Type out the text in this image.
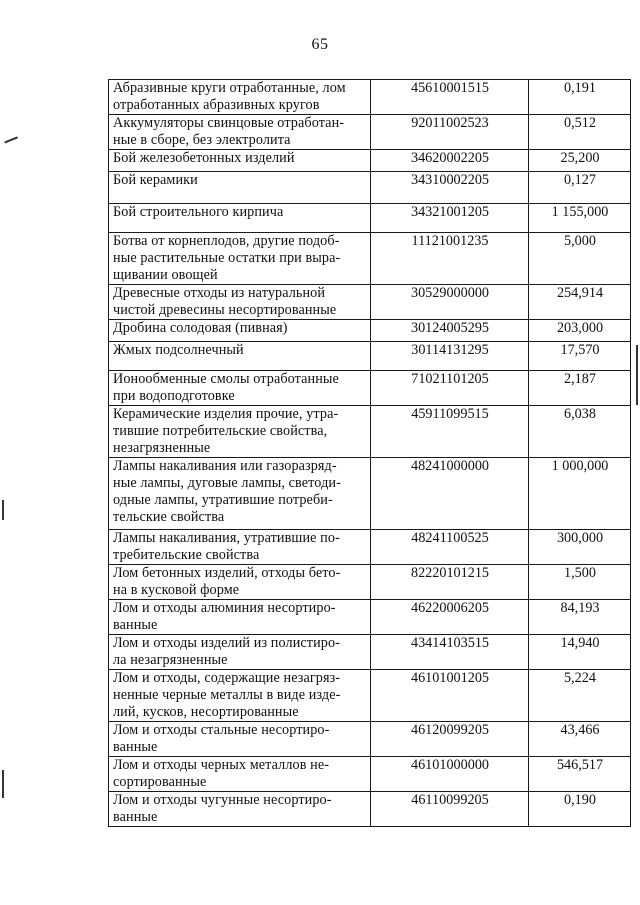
65
Абразивные круги отработанные, лом
отработанных абразивных кругов	45610001515	0,191
Аккумуляторы свинцовые отработан-
ные в сборе, без электролита	92011002523	0,512
Бой железобетонных изделий	34620002205	25,200
Бой керамики	34310002205	0,127
Бой строительного кирпича	34321001205	1 155,000
Ботва от корнеплодов, другие подоб-
ные растительные остатки при выра-
щивании овощей	11121001235	5,000
Древесные отходы из натуральной
чистой древесины несортированные	30529000000	254,914
Дробина солодовая (пивная)	30124005295	203,000
Жмых подсолнечный	30114131295	17,570
Ионообменные смолы отработанные
при водоподготовке	71021101205	2,187
Керамические изделия прочие, утра-
тившие потребительские свойства,
незагрязненные	45911099515	6,038
Лампы накаливания или газоразряд-
ные лампы, дуговые лампы, светоди-
одные лампы, утратившие потреби-
тельские свойства	48241000000	1 000,000
Лампы накаливания, утратившие по-
требительские свойства	48241100525	300,000
Лом бетонных изделий, отходы бето-
на в кусковой форме	82220101215	1,500
Лом и отходы алюминия несортиро-
ванные	46220006205	84,193
Лом и отходы изделий из полистиро-
ла незагрязненные	43414103515	14,940
Лом и отходы, содержащие незагряз-
ненные черные металлы в виде изде-
лий, кусков, несортированные	46101001205	5,224
Лом и отходы стальные несортиро-
ванные	46120099205	43,466
Лом и отходы черных металлов не-
сортированные	46101000000	546,517
Лом и отходы чугунные несортиро-
ванные	46110099205	0,190
